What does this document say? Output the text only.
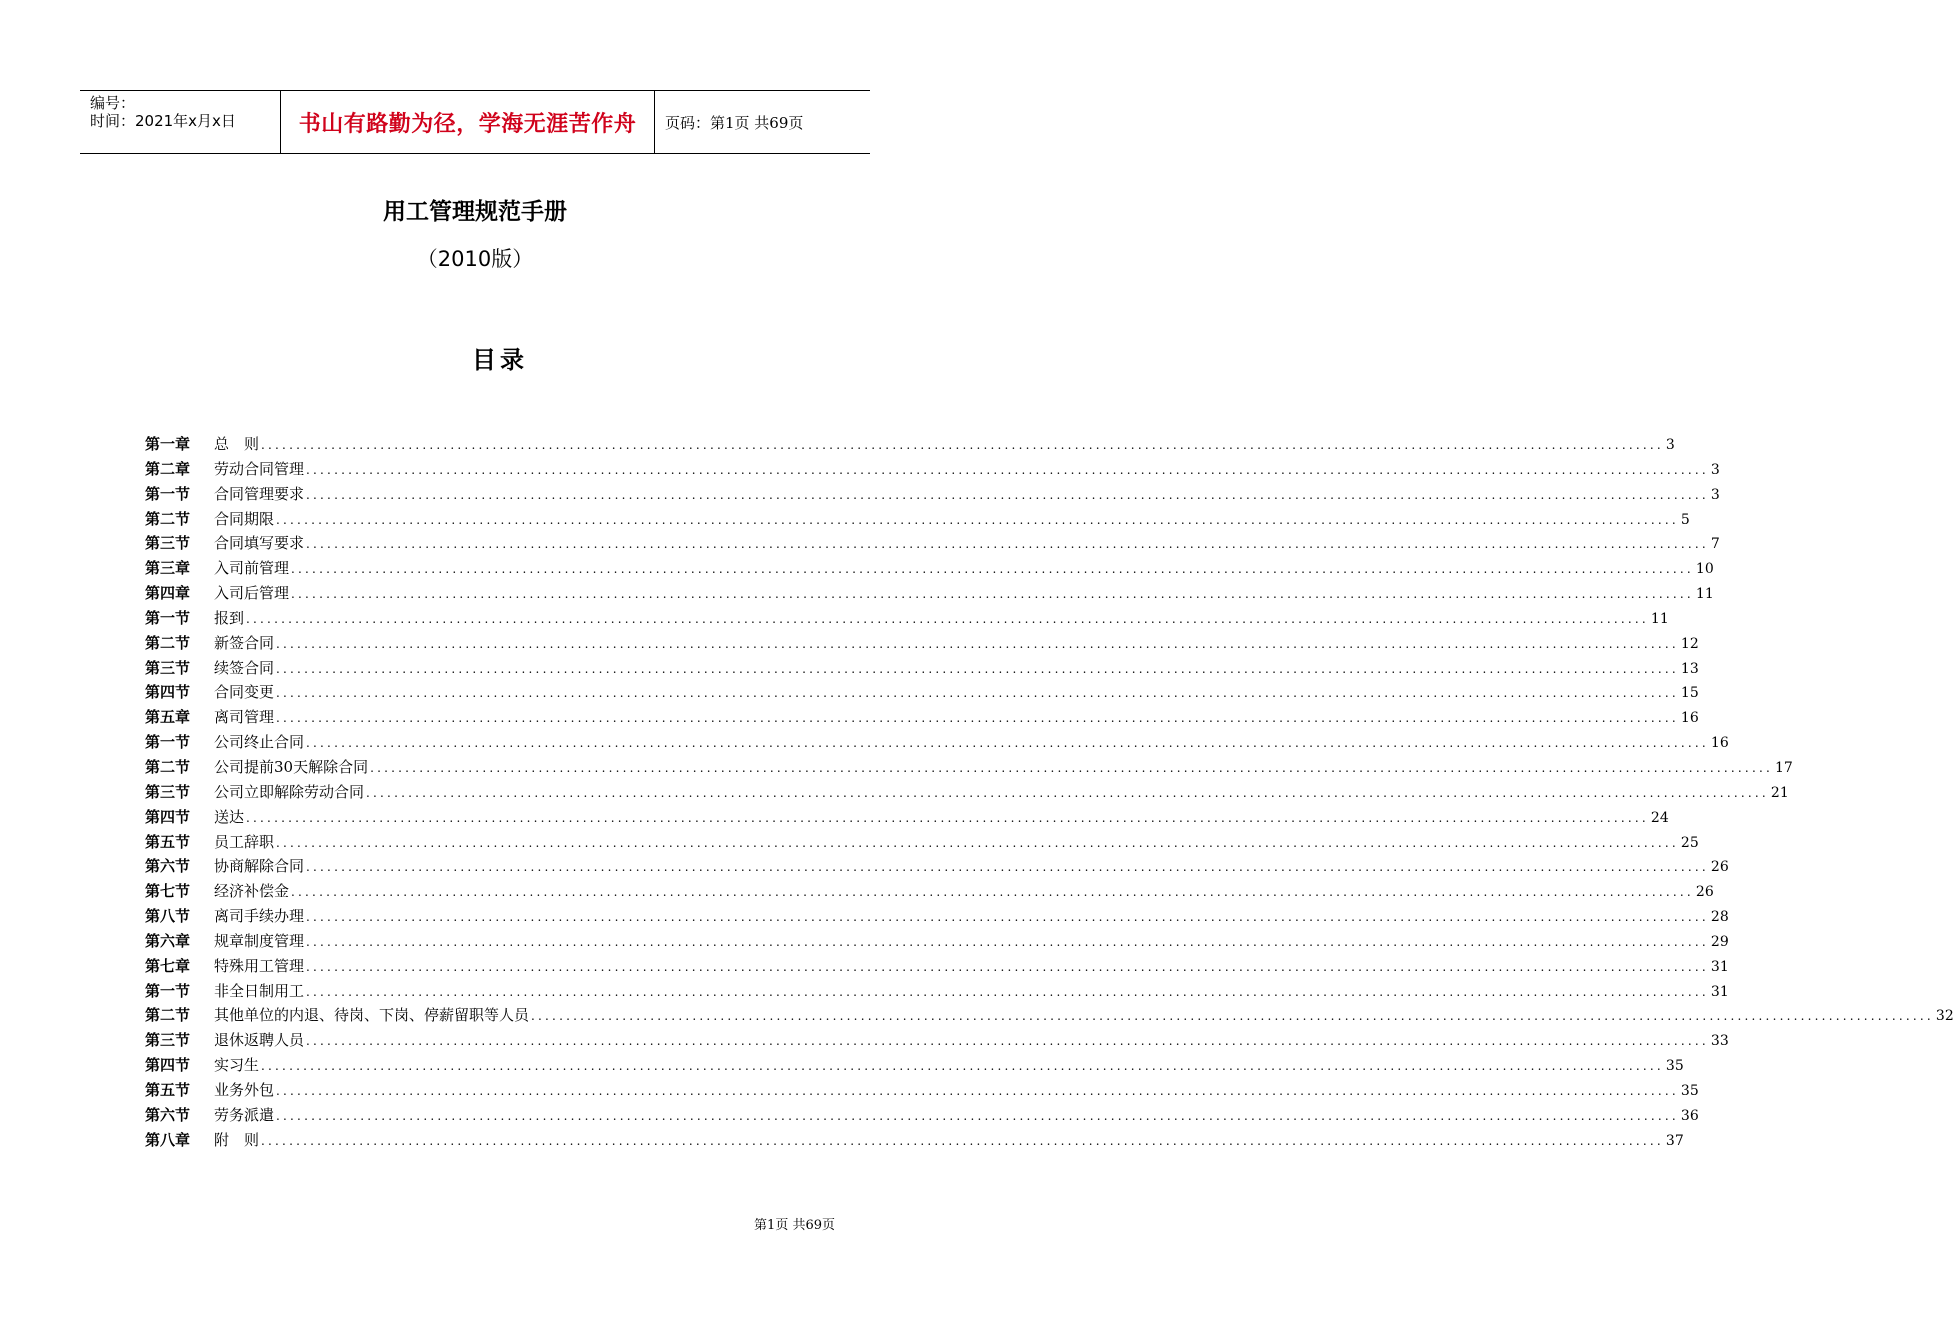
编号：
时间：2021年x月x日	书山有路勤为径，学海无涯苦作舟	页码：第1页 共69页
用工管理规范手册
（2010版）
目录
第一章	总　则 ........................................................................................................................................................................................................ 3
第二章	劳动合同管理 ........................................................................................................................................................................................................ 3
第一节	合同管理要求 ........................................................................................................................................................................................................ 3
第二节	合同期限 ........................................................................................................................................................................................................ 5
第三节	合同填写要求 ........................................................................................................................................................................................................ 7
第三章	入司前管理 ........................................................................................................................................................................................................ 10
第四章	入司后管理 ........................................................................................................................................................................................................ 11
第一节	报到 ........................................................................................................................................................................................................ 11
第二节	新签合同 ........................................................................................................................................................................................................ 12
第三节	续签合同 ........................................................................................................................................................................................................ 13
第四节	合同变更 ........................................................................................................................................................................................................ 15
第五章	离司管理 ........................................................................................................................................................................................................ 16
第一节	公司终止合同 ........................................................................................................................................................................................................ 16
第二节	公司提前30天解除合同 ........................................................................................................................................................................................................ 17
第三节	公司立即解除劳动合同 ........................................................................................................................................................................................................ 21
第四节	送达 ........................................................................................................................................................................................................ 24
第五节	员工辞职 ........................................................................................................................................................................................................ 25
第六节	协商解除合同 ........................................................................................................................................................................................................ 26
第七节	经济补偿金 ........................................................................................................................................................................................................ 26
第八节	离司手续办理 ........................................................................................................................................................................................................ 28
第六章	规章制度管理 ........................................................................................................................................................................................................ 29
第七章	特殊用工管理 ........................................................................................................................................................................................................ 31
第一节	非全日制用工 ........................................................................................................................................................................................................ 31
第二节	其他单位的内退、待岗、下岗、停薪留职等人员 ........................................................................................................................................................................................................ 32
第三节	退休返聘人员 ........................................................................................................................................................................................................ 33
第四节	实习生 ........................................................................................................................................................................................................ 35
第五节	业务外包 ........................................................................................................................................................................................................ 35
第六节	劳务派遣 ........................................................................................................................................................................................................ 36
第八章	附　则 ........................................................................................................................................................................................................ 37
第1页 共69页
